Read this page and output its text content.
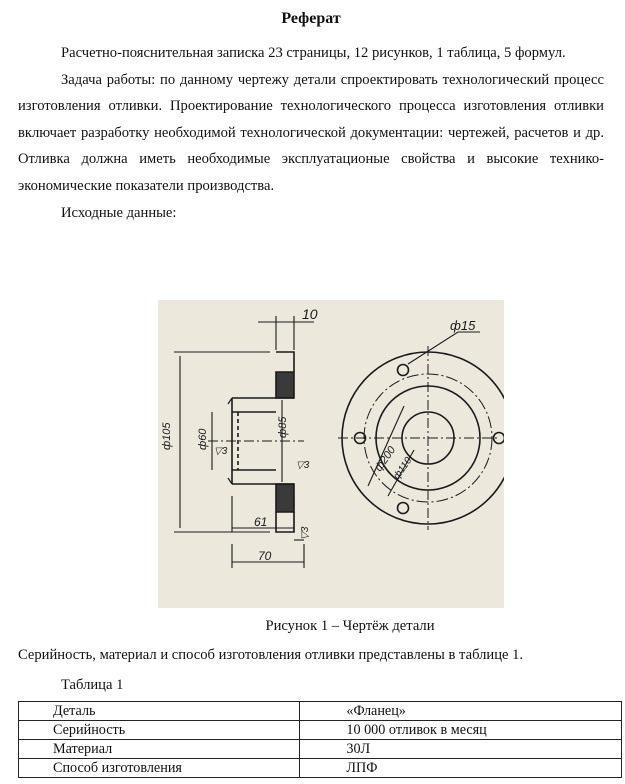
Реферат

Расчетно-пояснительная записка 23 страницы, 12 рисунков, 1 таблица, 5 формул.

Задача работы: по данному чертежу детали спроектировать технологический процесс изготовления отливки. Проектирование технологического процесса изготовления отливки включает разработку необходимой технологической документации: чертежей, расчетов и др. Отливка должна иметь необходимые эксплуатационые свойства и высокие технико-экономические показатели производства.

Исходные данные:

10
ф105 ф60
ф85
61
70
▽3
▽3
▽3
ф15
ф200
ф110
Рисунок 1 – Чертёж детали
Серийность, материал и способ изготовления отливки представлены в таблице 1.
Таблица 1
Деталь	«Фланец»
Серийность	10 000 отливок в месяц
Материал	30Л
Способ изготовления	ЛПФ
